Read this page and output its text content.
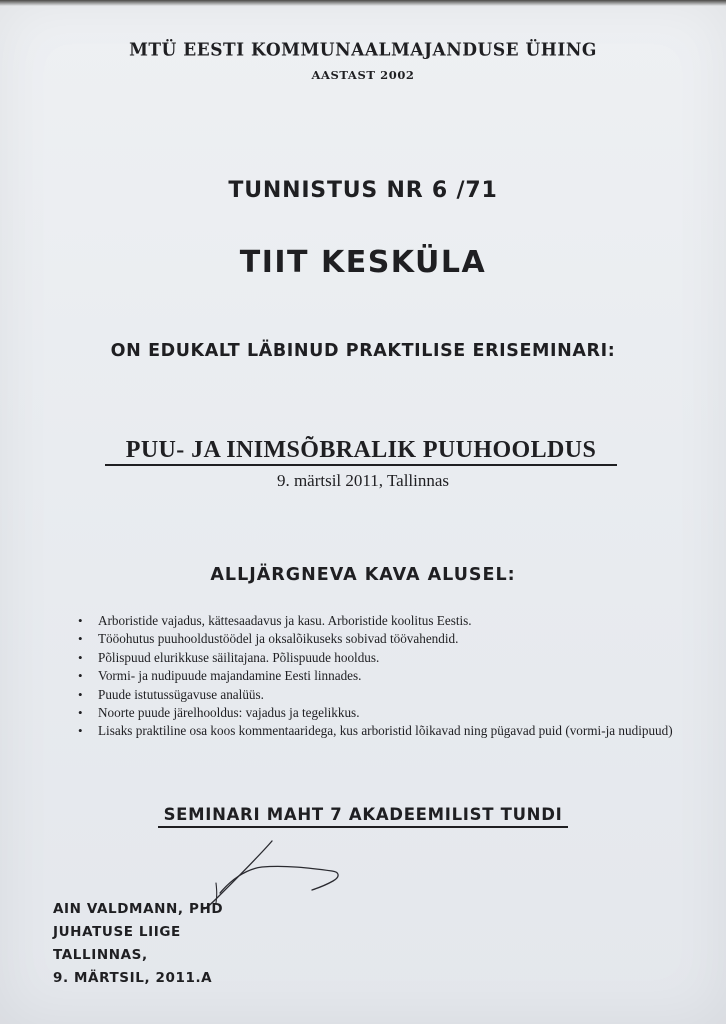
MTÜ EESTI KOMMUNAALMAJANDUSE ÜHING
AASTAST 2002
TUNNISTUS NR 6 /71
TIIT KESKÜLA
ON EDUKALT LÄBINUD PRAKTILISE ERISEMINARI:
PUU- JA INIMSÕBRALIK PUUHOOLDUS
9. märtsil 2011, Tallinnas
ALLJÄRGNEVA KAVA ALUSEL:
• Arboristide vajadus, kättesaadavus ja kasu. Arboristide koolitus Eestis.
• Tööohutus puuhooldustöödel ja oksalõikuseks sobivad töövahendid.
• Põlispuud elurikkuse säilitajana. Põlispuude hooldus.
• Vormi- ja nudipuude majandamine Eesti linnades.
• Puude istutussügavuse analüüs.
• Noorte puude järelhooldus: vajadus ja tegelikkus.
• Lisaks praktiline osa koos kommentaaridega, kus arboristid lõikavad ning pügavad puid (vormi-ja nudipuud)
SEMINARI MAHT 7 AKADEEMILIST TUNDI
AIN VALDMANN, PHD
JUHATUSE LIIGE
TALLINNAS,
9. MÄRTSIL, 2011.A
